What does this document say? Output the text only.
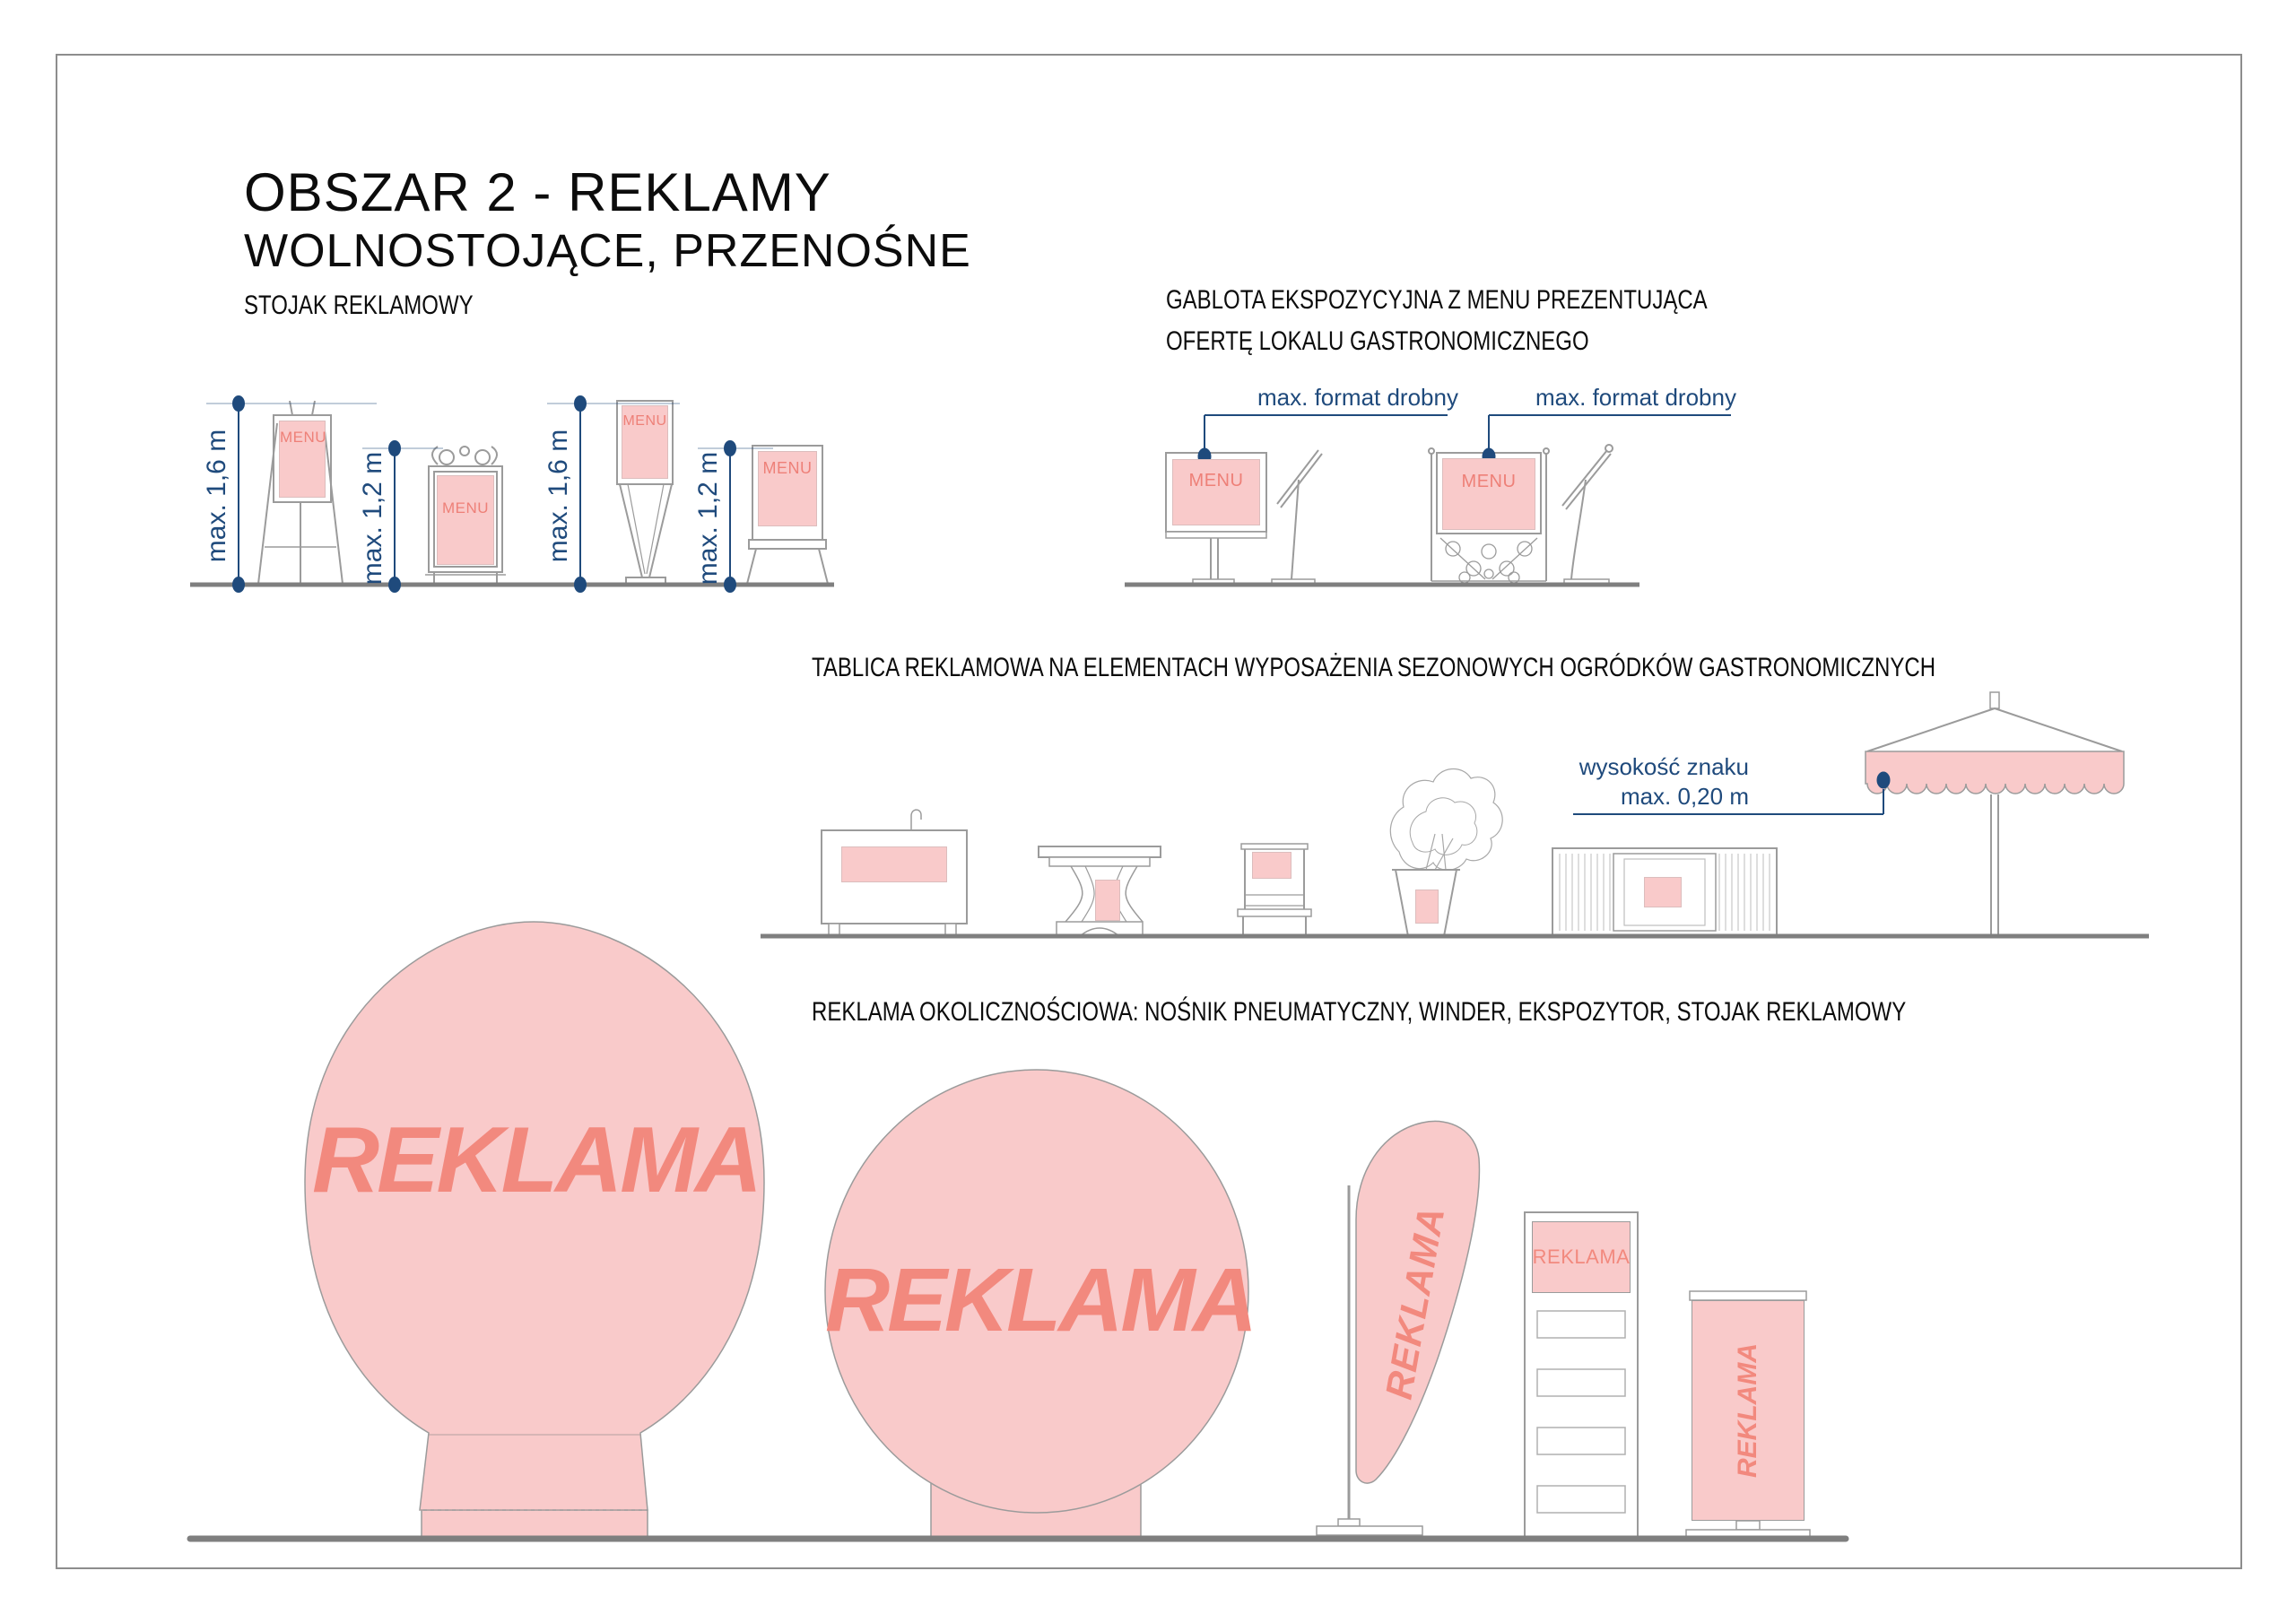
OBSZAR 2 - REKLAMY
WOLNOSTOJĄCE, PRZENOŚNE
STOJAK REKLAMOWY
max. 1,6 m	max. 1,2 m	max. 1,6 m	max. 1,2 m
MENU
MENU
MENU
MENU
GABLOTA EKSPOZYCYJNA Z MENU PREZENTUJĄCA
OFERTĘ LOKALU GASTRONOMICZNEGO
max. format drobny	max. format drobny
MENU	MENU
TABLICA REKLAMOWA NA ELEMENTACH WYPOSAŻENIA SEZONOWYCH OGRÓDKÓW GASTRONOMICZNYCH
wysokość znaku
max. 0,20 m
REKLAMA OKOLICZNOŚCIOWA: NOŚNIK PNEUMATYCZNY, WINDER, EKSPOZYTOR, STOJAK REKLAMOWY
REKLAMA
REKLAMA	REKLAMA	REKLAMA
REKLAMA
